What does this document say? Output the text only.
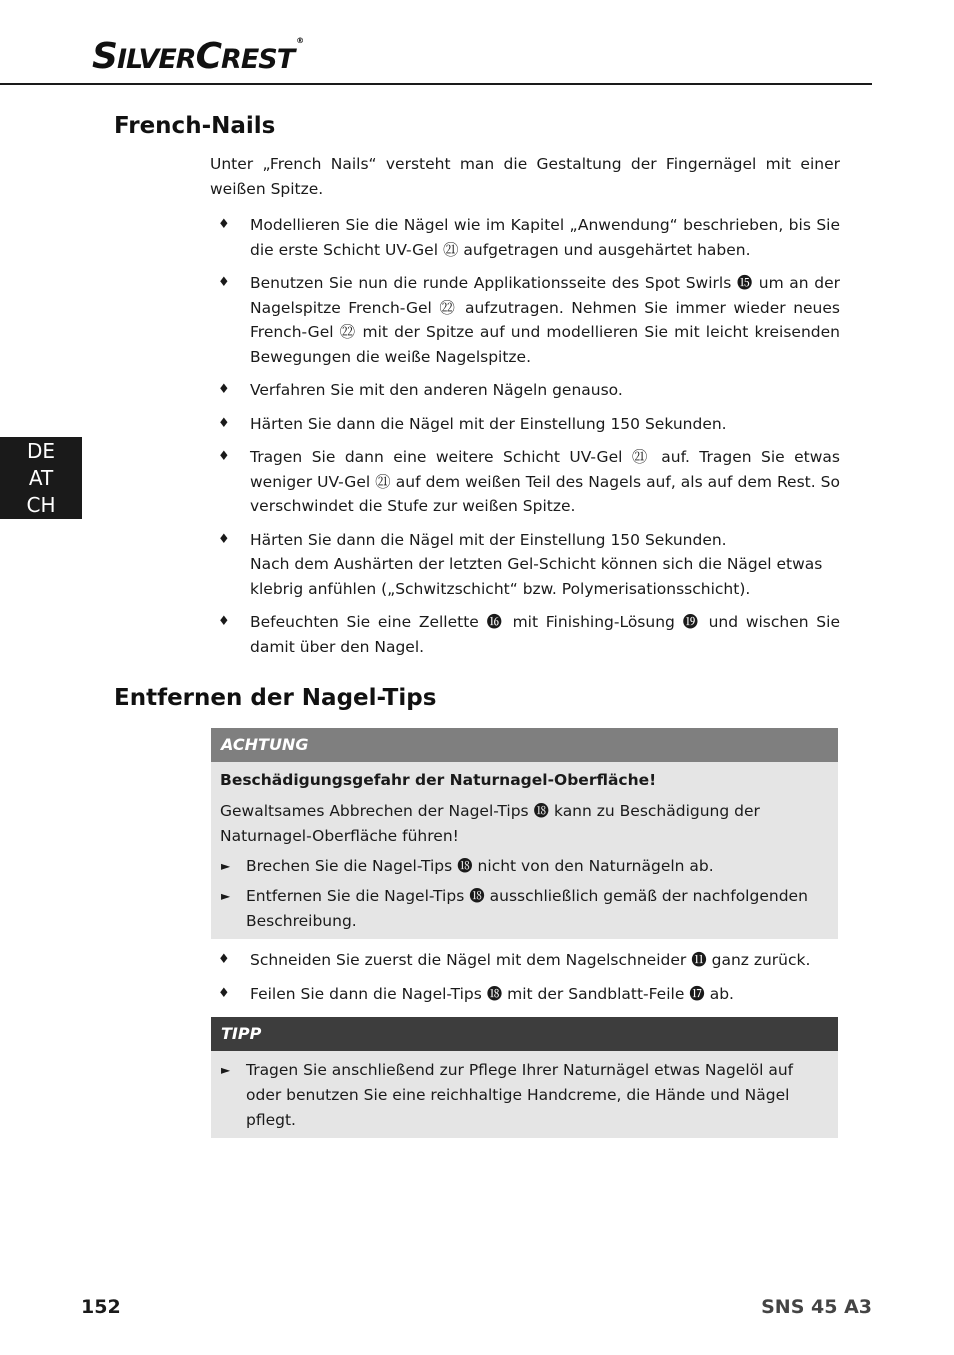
SILVERCREST®
DE
AT
CH
French-Nails

Unter „French Nails“ versteht man die Gestaltung der Fingernägel mit einer weißen Spitze.

♦ Modellieren Sie die Nägel wie im Kapitel „Anwendung“ beschrieben, bis Sie die erste Schicht UV-Gel ㉑ aufgetragen und ausgehärtet haben.

♦ Benutzen Sie nun die runde Applikationsseite des Spot Swirls ⓯ um an der Nagelspitze French-Gel ㉒ aufzutragen. Nehmen Sie immer wieder neues French-Gel ㉒ mit der Spitze auf und modellieren Sie mit leicht kreisenden Bewegungen die weiße Nagelspitze.

♦ Verfahren Sie mit den anderen Nägeln genauso.

♦ Härten Sie dann die Nägel mit der Einstellung 150 Sekunden.

♦ Tragen Sie dann eine weitere Schicht UV-Gel ㉑ auf. Tragen Sie etwas weniger UV-Gel ㉑ auf dem weißen Teil des Nagels auf, als auf dem Rest. So verschwindet die Stufe zur weißen Spitze.

♦ Härten Sie dann die Nägel mit der Einstellung 150 Sekunden.

Nach dem Aushärten der letzten Gel-Schicht können sich die Nägel etwas klebrig anfühlen („Schwitzschicht“ bzw. Polymerisationsschicht).

♦ Befeuchten Sie eine Zellette ⓰ mit Finishing-Lösung ⓳ und wischen Sie damit über den Nagel.

Entfernen der Nagel-Tips
ACHTUNG

Beschädigungsgefahr der Naturnagel-Oberfläche!

Gewaltsames Abbrechen der Nagel-Tips ⓲ kann zu Beschädigung der Naturnagel-Oberfläche führen!

► Brechen Sie die Nagel-Tips ⓲ nicht von den Naturnägeln ab.
► Entfernen Sie die Nagel-Tips ⓲ ausschließlich gemäß der nachfolgenden Beschreibung.
♦ Schneiden Sie zuerst die Nägel mit dem Nagelschneider ⓫ ganz zurück.

♦ Feilen Sie dann die Nagel-Tips ⓲ mit der Sandblatt-Feile ⓱ ab.

TIPP
► Tragen Sie anschließend zur Pflege Ihrer Naturnägel etwas Nagelöl auf oder benutzen Sie eine reichhaltige Handcreme, die Hände und Nägel pflegt.
152	SNS 45 A3
